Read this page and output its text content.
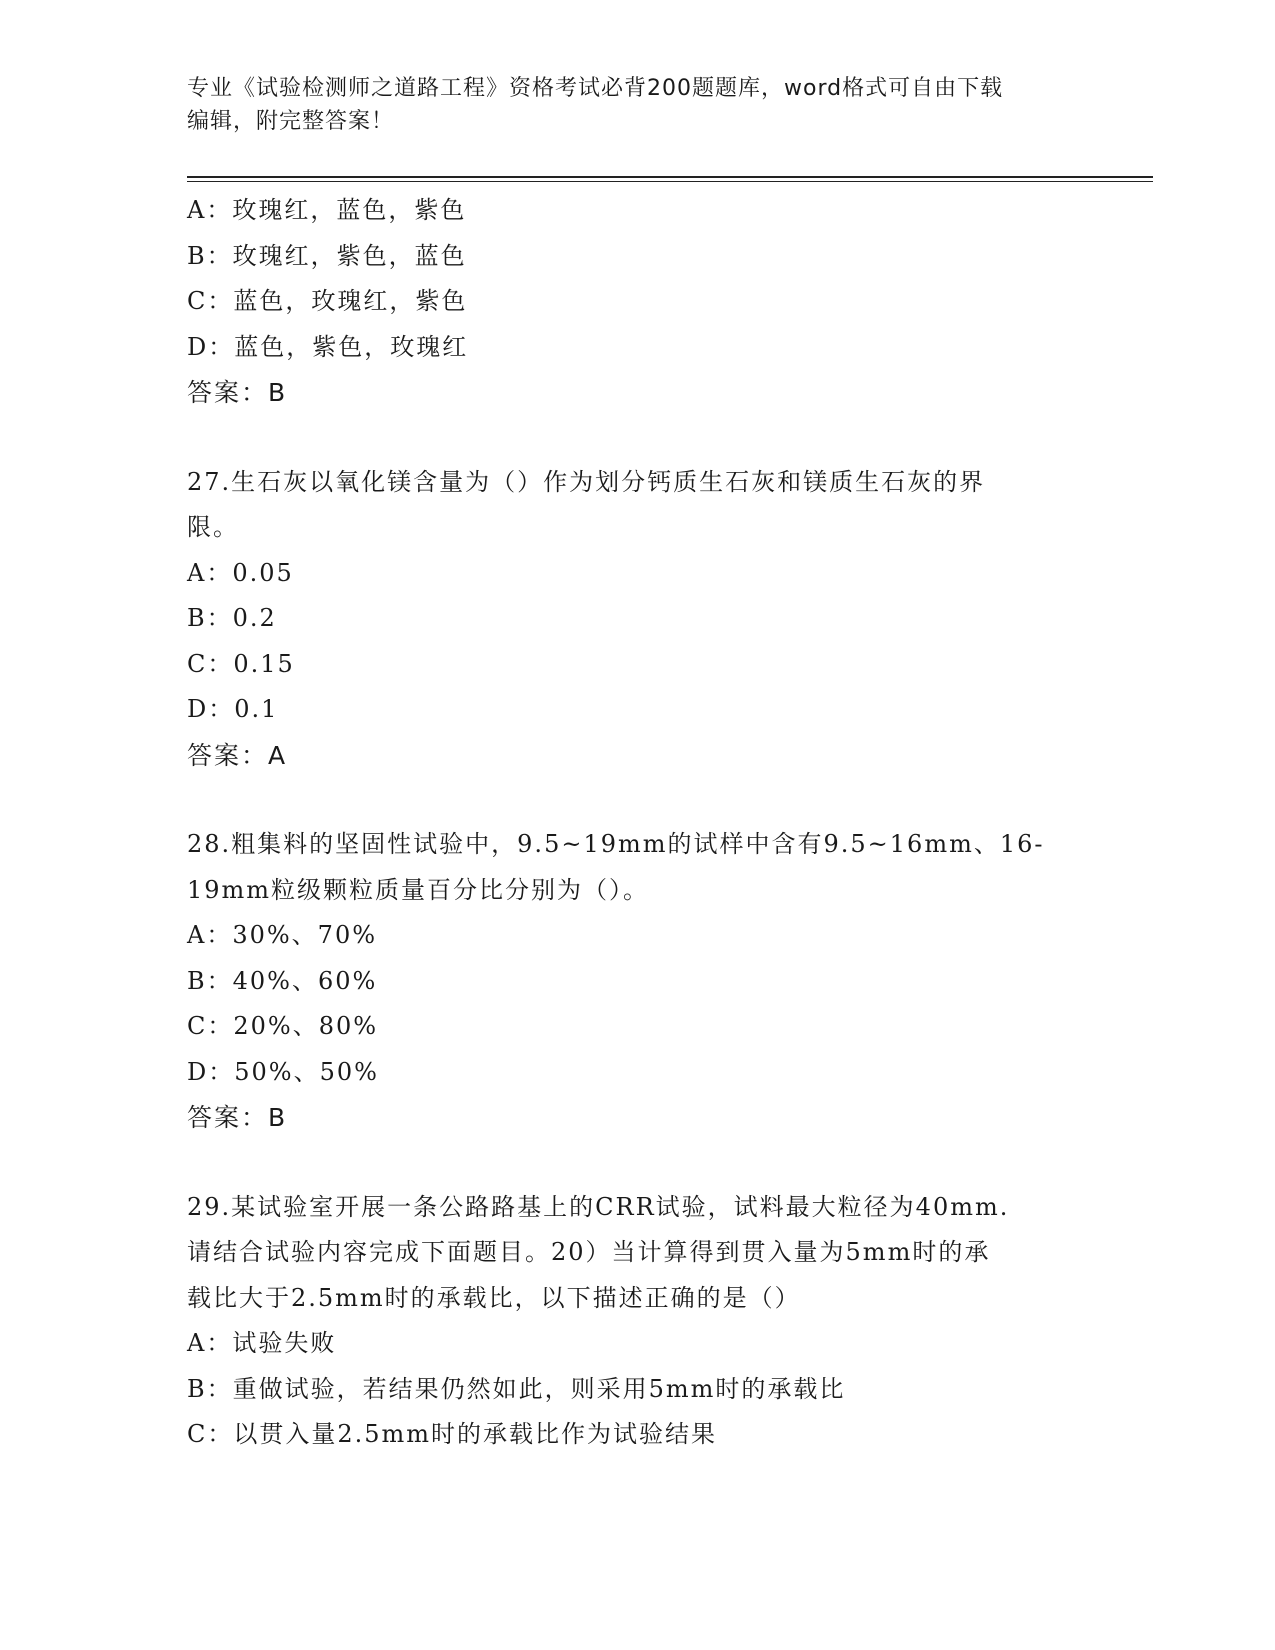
专业《试验检测师之道路工程》资格考试必背200题题库，word格式可自由下载
编辑，附完整答案！
A：玫瑰红，蓝色，紫色
B：玫瑰红，紫色，蓝色
C：蓝色，玫瑰红，紫色
D：蓝色，紫色，玫瑰红
答案：B
27.生石灰以氧化镁含量为（）作为划分钙质生石灰和镁质生石灰的界
限。
A：0.05
B：0.2
C：0.15
D：0.1
答案：A
28.粗集料的坚固性试验中，9.5~19mm的试样中含有9.5~16mm、16-
19mm粒级颗粒质量百分比分别为（）。
A：30%、70%
B：40%、60%
C：20%、80%
D：50%、50%
答案：B
29.某试验室开展一条公路路基上的CRR试验，试料最大粒径为40mm.
请结合试验内容完成下面题目。20）当计算得到贯入量为5mm时的承
载比大于2.5mm时的承载比，以下描述正确的是（）
A：试验失败
B：重做试验，若结果仍然如此，则采用5mm时的承载比
C：以贯入量2.5mm时的承载比作为试验结果
